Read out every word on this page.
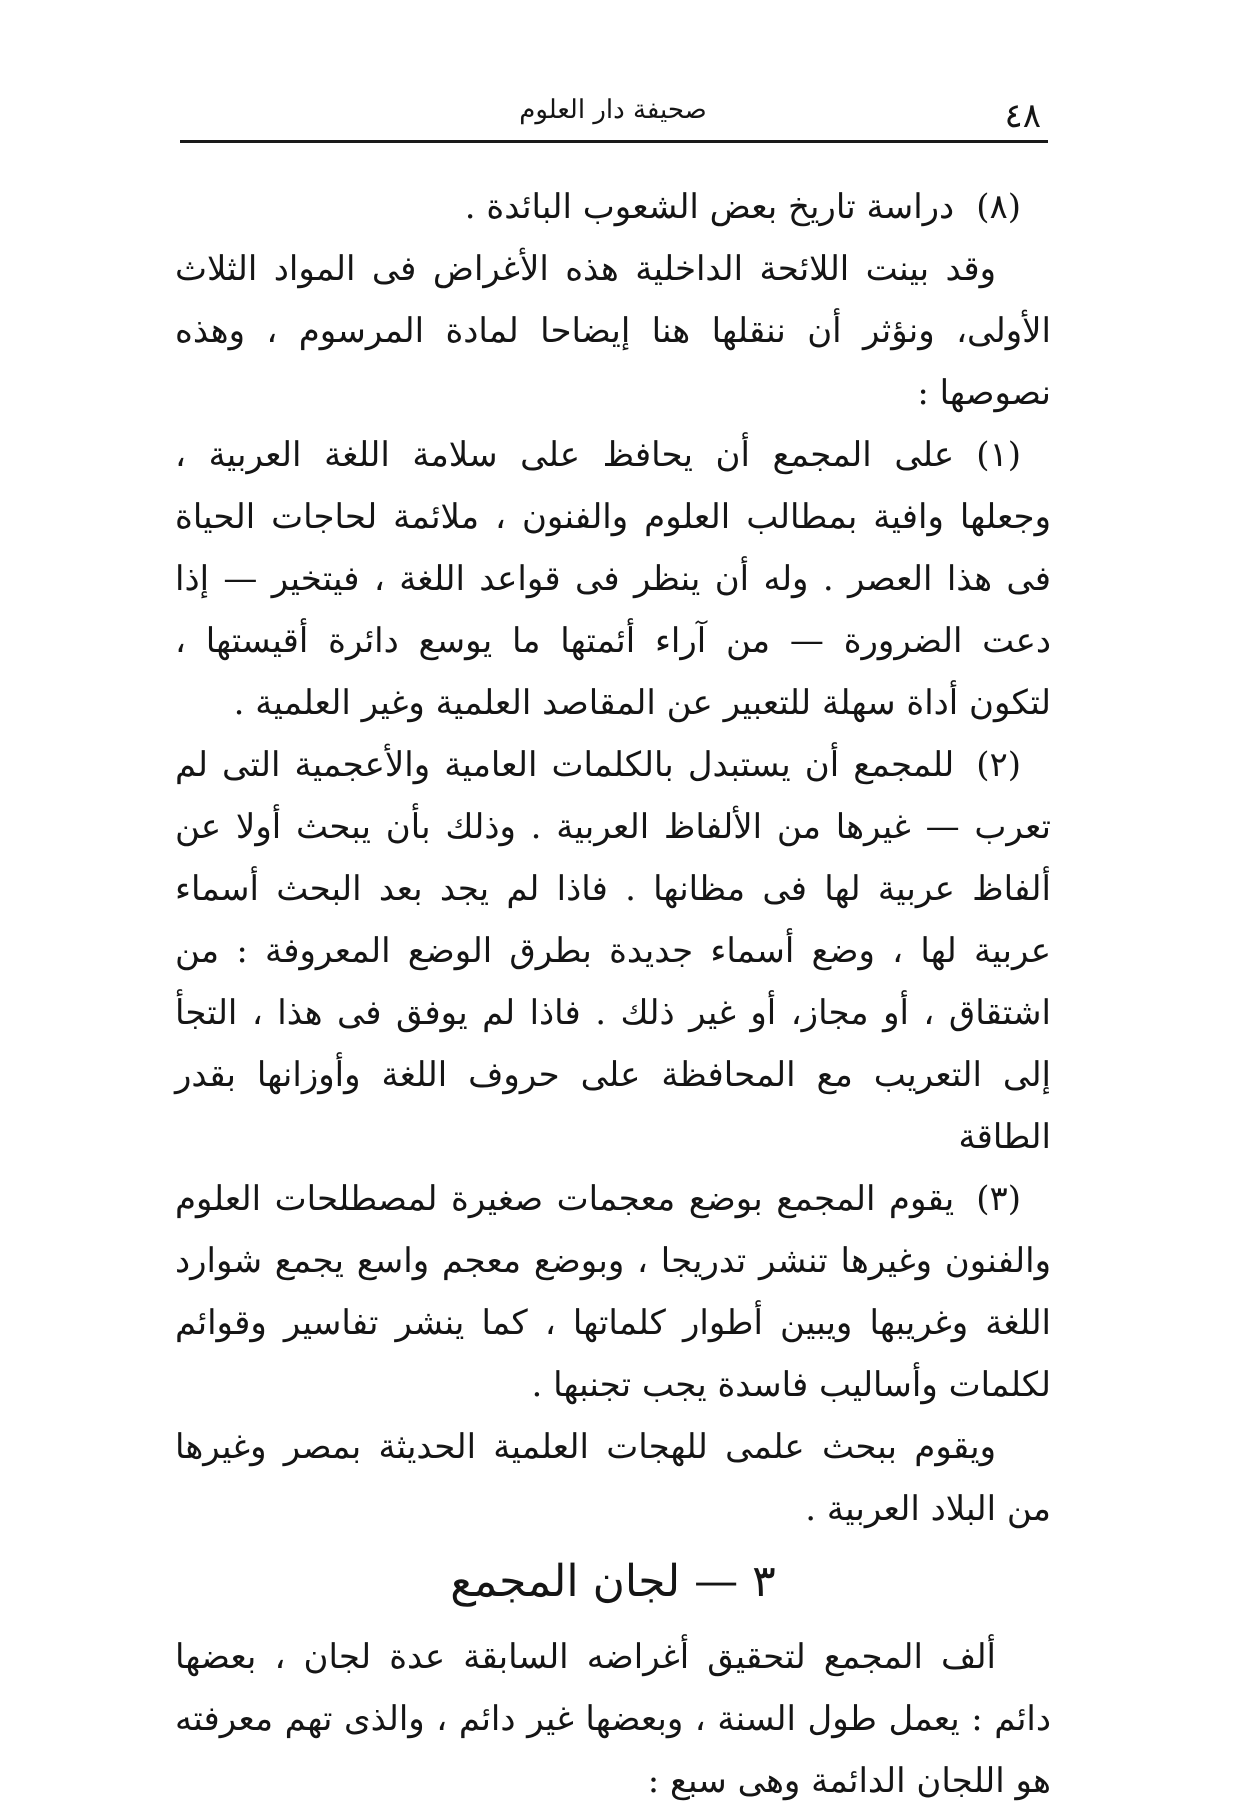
٤٨
صحيفة دار العلوم

(٨)دراسة تاريخ بعض الشعوب البائدة .

وقد بينت اللائحة الداخلية هذه الأغراض فى المواد الثلاث الأولى، ونؤثر أن ننقلها هنا إيضاحا لمادة المرسوم ، وهذه نصوصها :

(١)على المجمع أن يحافظ على سلامة اللغة العربية ، وجعلها وافية بمطالب العلوم والفنون ، ملائمة لحاجات الحياة فى هذا العصر . وله أن ينظر فى قواعد اللغة ، فيتخير — إذا دعت الضرورة — من آراء أئمتها ما يوسع دائرة أقيستها ، لتكون أداة سهلة للتعبير عن المقاصد العلمية وغير العلمية .

(٢)للمجمع أن يستبدل بالكلمات العامية والأعجمية التى لم تعرب — غيرها من الألفاظ العربية . وذلك بأن يبحث أولا عن ألفاظ عربية لها فى مظانها . فاذا لم يجد بعد البحث أسماء عربية لها ، وضع أسماء جديدة بطرق الوضع المعروفة : من اشتقاق ، أو مجاز، أو غير ذلك . فاذا لم يوفق فى هذا ، التجأ إلى التعريب مع المحافظة على حروف اللغة وأوزانها بقدر الطاقة

(٣)يقوم المجمع بوضع معجمات صغيرة لمصطلحات العلوم والفنون وغيرها تنشر تدريجا ، وبوضع معجم واسع يجمع شوارد اللغة وغريبها ويبين أطوار كلماتها ، كما ينشر تفاسير وقوائم لكلمات وأساليب فاسدة يجب تجنبها .

ويقوم ببحث علمى للهجات العلمية الحديثة بمصر وغيرها من البلاد العربية .

٣ — لجان المجمع

ألف المجمع لتحقيق أغراضه السابقة عدة لجان ، بعضها دائم : يعمل طول السنة ، وبعضها غير دائم ، والذى تهم معرفته هو اللجان الدائمة وهى سبع :
